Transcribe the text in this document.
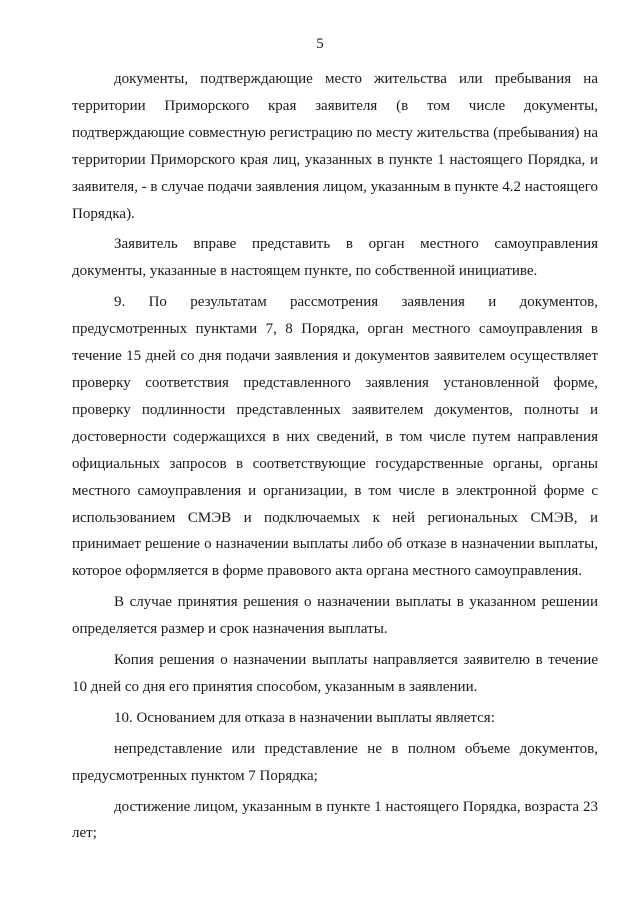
5

документы, подтверждающие место жительства или пребывания на территории Приморского края заявителя (в том числе документы, подтверждающие совместную регистрацию по месту жительства (пребывания) на территории Приморского края лиц, указанных в пункте 1 настоящего Порядка, и заявителя, - в случае подачи заявления лицом, указанным в пункте 4.2 настоящего Порядка).

Заявитель вправе представить в орган местного самоуправления документы, указанные в настоящем пункте, по собственной инициативе.

9. По результатам рассмотрения заявления и документов, предусмотренных пунктами 7, 8 Порядка, орган местного самоуправления в течение 15 дней со дня подачи заявления и документов заявителем осуществляет проверку соответствия представленного заявления установленной форме, проверку подлинности представленных заявителем документов, полноты и достоверности содержащихся в них сведений, в том числе путем направления официальных запросов в соответствующие государственные органы, органы местного самоуправления и организации, в том числе в электронной форме с использованием СМЭВ и подключаемых к ней региональных СМЭВ, и принимает решение о назначении выплаты либо об отказе в назначении выплаты, которое оформляется в форме правового акта органа местного самоуправления.

В случае принятия решения о назначении выплаты в указанном решении определяется размер и срок назначения выплаты.

Копия решения о назначении выплаты направляется заявителю в течение 10 дней со дня его принятия способом, указанным в заявлении.

10. Основанием для отказа в назначении выплаты является:

непредставление или представление не в полном объеме документов, предусмотренных пунктом 7 Порядка;

достижение лицом, указанным в пункте 1 настоящего Порядка, возраста 23 лет;
